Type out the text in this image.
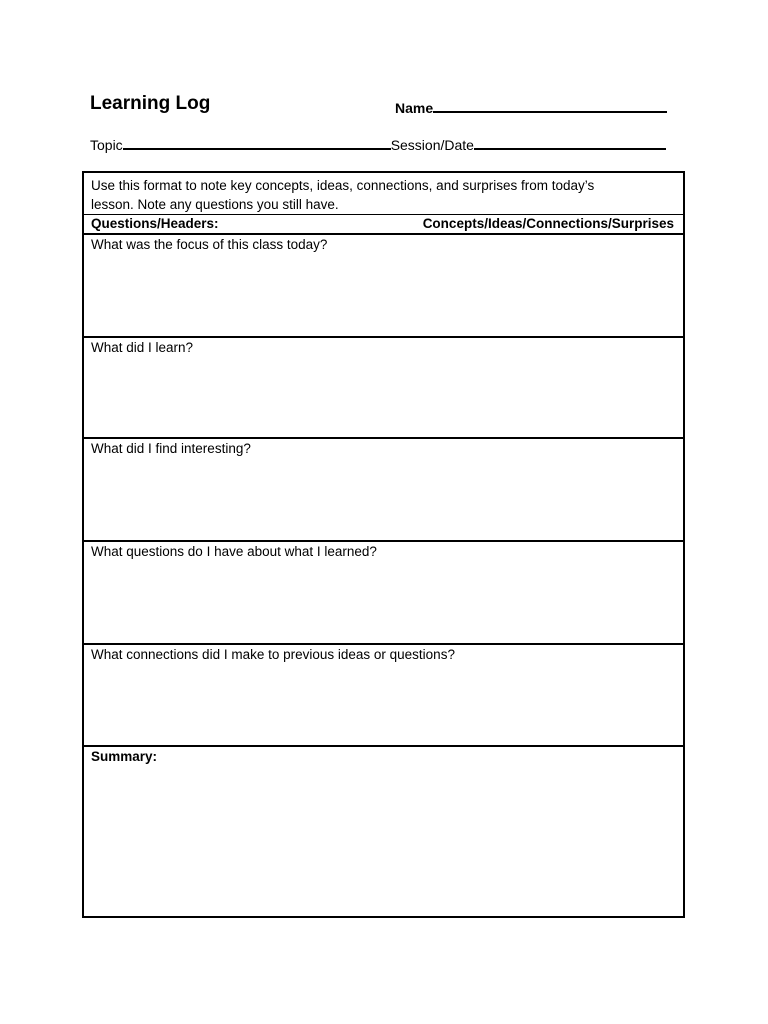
Learning Log	Name
Topic	Session/Date
Use this format to note key concepts, ideas, connections, and surprises from today’s
lesson. Note any questions you still have.
Questions/Headers:	Concepts/Ideas/Connections/Surprises

What was the focus of this class today?

What did I learn?

What did I find interesting?

What questions do I have about what I learned?

What connections did I make to previous ideas or questions?

Summary:
